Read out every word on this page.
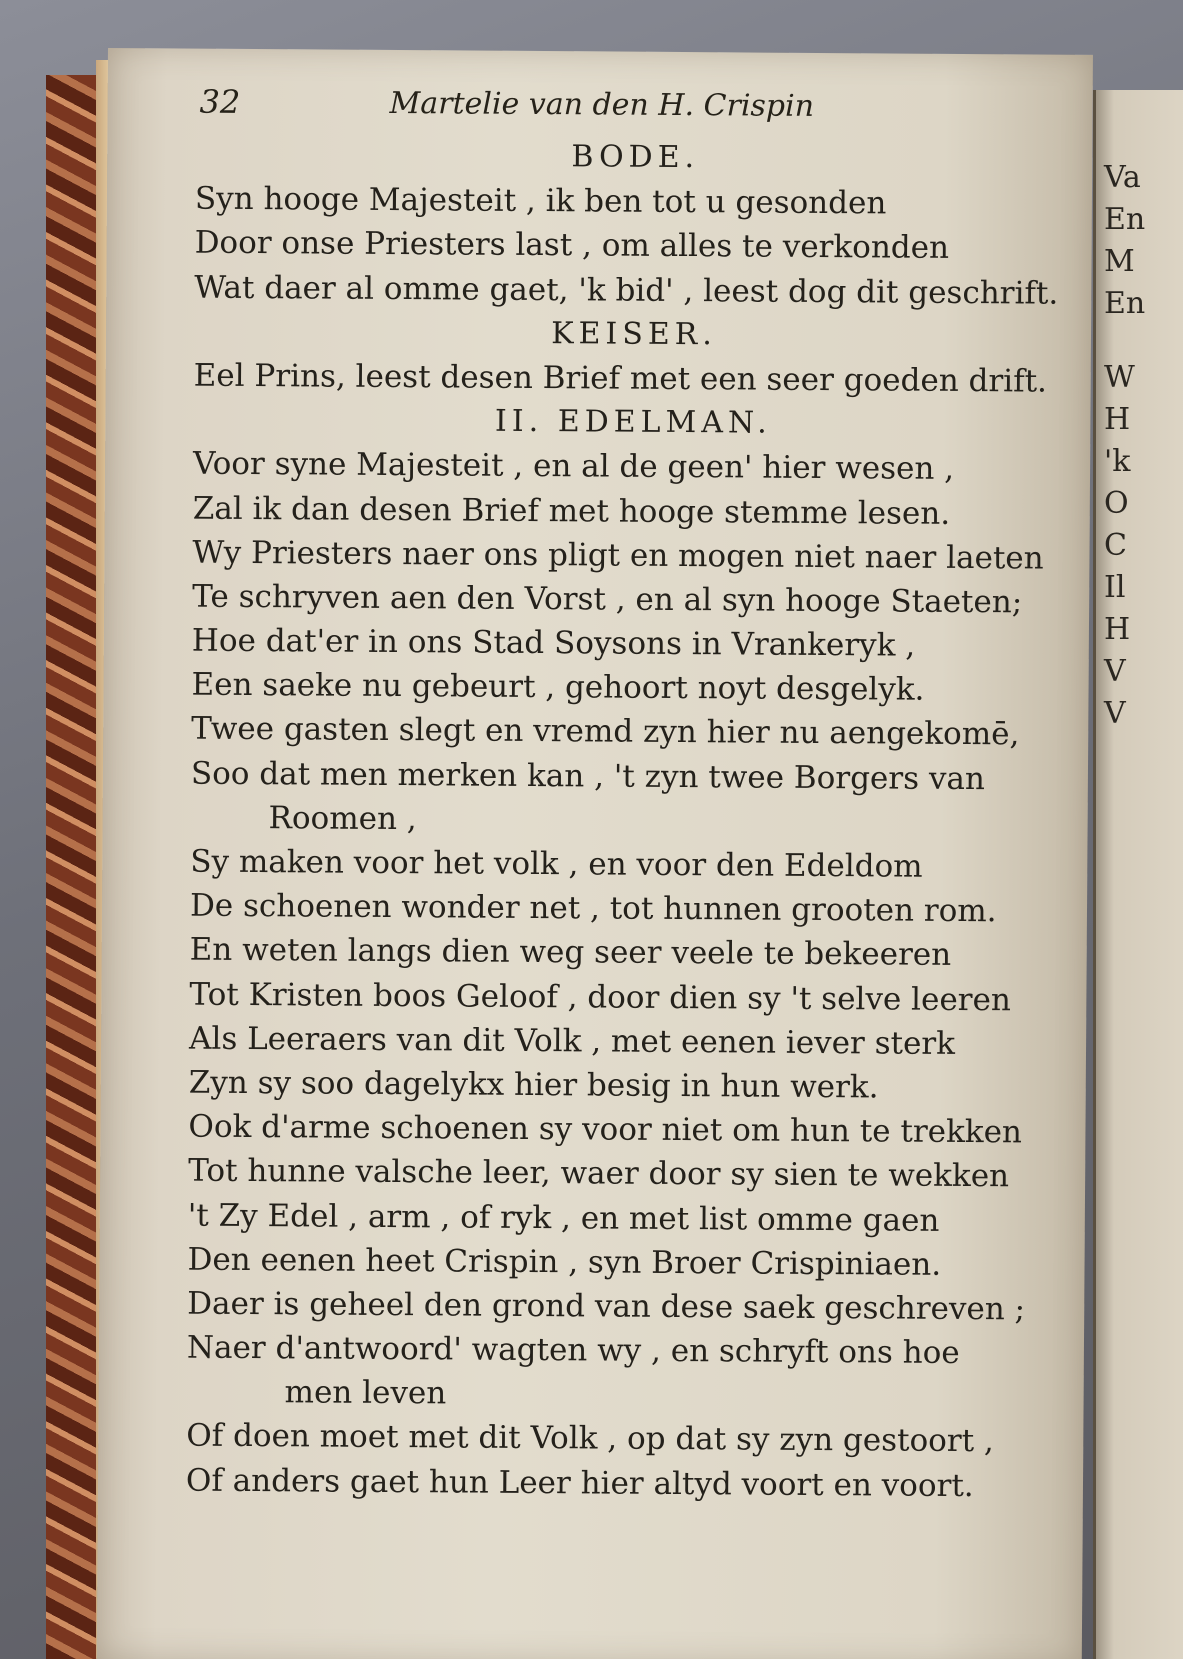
Va
En
M
En
W
H
'k
O
C
Il
H
V
V
32	Martelie van den H. Crispin
BODE.
Syn hooge Majesteit , ik ben tot u gesonden
Door onse Priesters last , om alles te verkonden
Wat daer al omme gaet, 'k bid' , leest dog dit geschrift.
KEISER.
Eel Prins, leest desen Brief met een seer goeden drift.
II. EDELMAN.
Voor syne Majesteit , en al de geen' hier wesen ,
Zal ik dan desen Brief met hooge stemme lesen.
Wy Priesters naer ons pligt en mogen niet naer laeten
Te schryven aen den Vorst , en al syn hooge Staeten;
Hoe dat'er in ons Stad Soysons in Vrankeryk ,
Een saeke nu gebeurt , gehoort noyt desgelyk.
Twee gasten slegt en vremd zyn hier nu aengekomē,
Soo dat men merken kan , 't zyn twee Borgers van
Roomen ,
Sy maken voor het volk , en voor den Edeldom
De schoenen wonder net , tot hunnen grooten rom.
En weten langs dien weg seer veele te bekeeren
Tot Kristen boos Geloof , door dien sy 't selve leeren
Als Leeraers van dit Volk , met eenen iever sterk
Zyn sy soo dagelykx hier besig in hun werk.
Ook d'arme schoenen sy voor niet om hun te trekken
Tot hunne valsche leer, waer door sy sien te wekken
't Zy Edel , arm , of ryk , en met list omme gaen
Den eenen heet Crispin , syn Broer Crispiniaen.
Daer is geheel den grond van dese saek geschreven ;
Naer d'antwoord' wagten wy , en schryft ons hoe
men leven
Of doen moet met dit Volk , op dat sy zyn gestoort ,
Of anders gaet hun Leer hier altyd voort en voort.
